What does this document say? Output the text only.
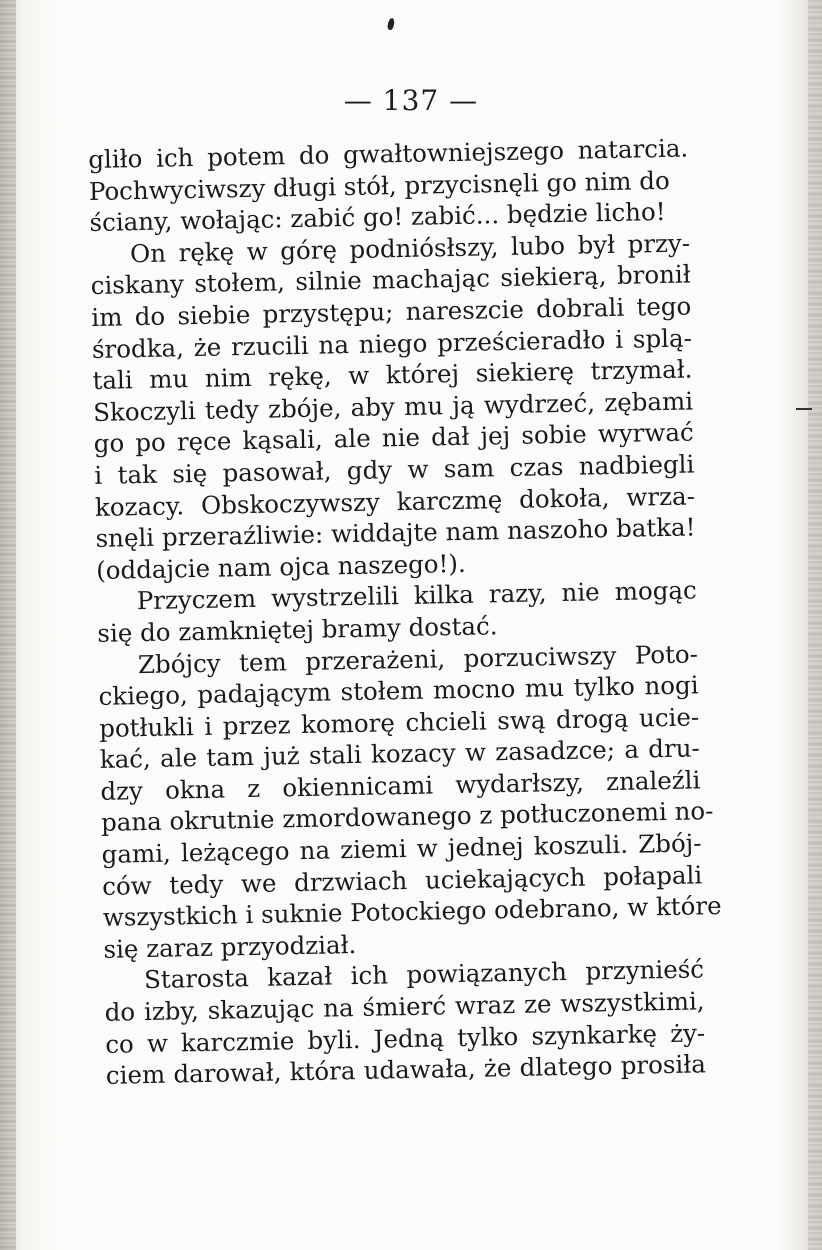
— 137 —
gliło ich potem do gwałtowniejszego natarcia.
Pochwyciwszy długi stół, przycisnęli go nim do
ściany, wołając: zabić go! zabić... będzie licho!
On rękę w górę podniósłszy, lubo był przy-
ciskany stołem, silnie machając siekierą, bronił
im do siebie przystępu; nareszcie dobrali tego
środka, że rzucili na niego prześcieradło i splą-
tali mu nim rękę, w której siekierę trzymał.
Skoczyli tedy zbóje, aby mu ją wydrzeć, zębami
go po ręce kąsali, ale nie dał jej sobie wyrwać
i tak się pasował, gdy w sam czas nadbiegli
kozacy. Obskoczywszy karczmę dokoła, wrza-
snęli przeraźliwie: widdajte nam naszoho batka!
(oddajcie nam ojca naszego!).
Przyczem wystrzelili kilka razy, nie mogąc
się do zamkniętej bramy dostać.
Zbójcy tem przerażeni, porzuciwszy Poto-
ckiego, padającym stołem mocno mu tylko nogi
potłukli i przez komorę chcieli swą drogą ucie-
kać, ale tam już stali kozacy w zasadzce; a dru-
dzy okna z okiennicami wydarłszy, znaleźli
pana okrutnie zmordowanego z potłuczonemi no-
gami, leżącego na ziemi w jednej koszuli. Zbój-
ców tedy we drzwiach uciekających połapali
wszystkich i suknie Potockiego odebrano, w które
się zaraz przyodział.
Starosta kazał ich powiązanych przynieść
do izby, skazując na śmierć wraz ze wszystkimi,
co w karczmie byli. Jedną tylko szynkarkę ży-
ciem darował, która udawała, że dlatego prosiła
